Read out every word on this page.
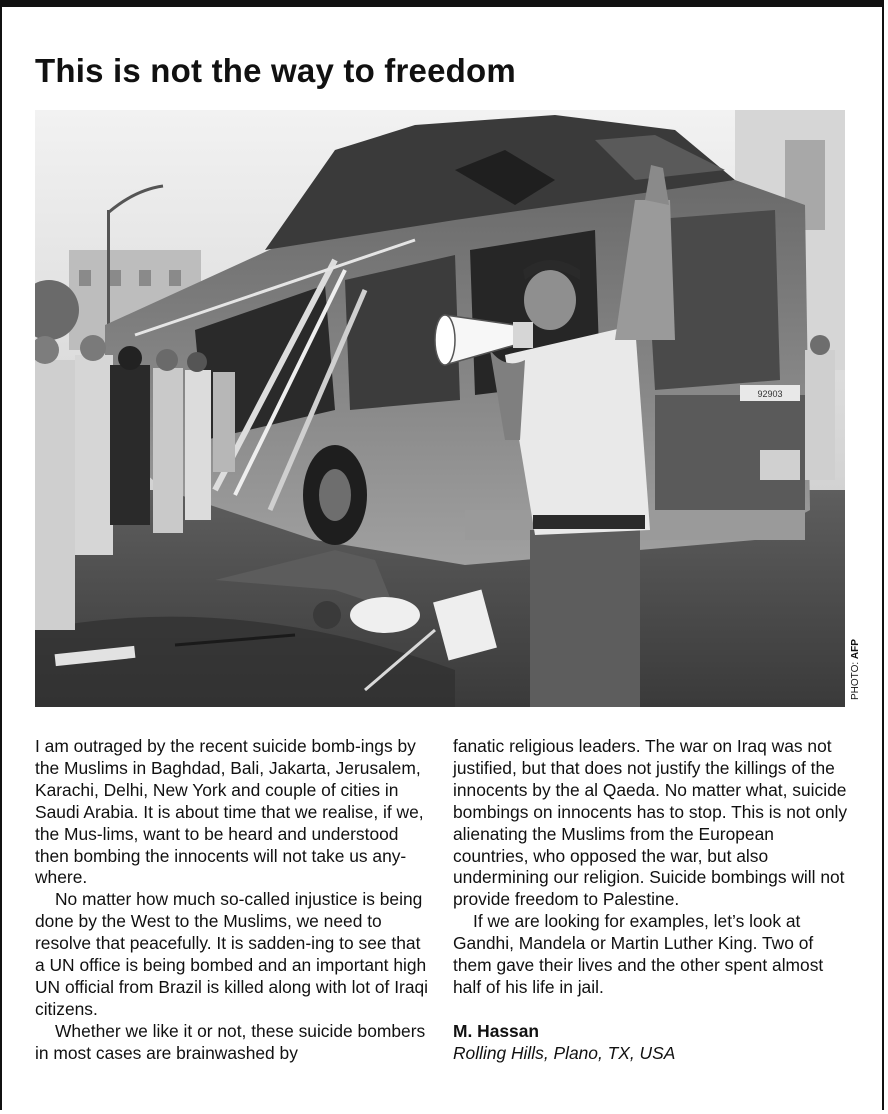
This is not the way to freedom
92903
PHOTO: AFP

I am outraged by the recent suicide bomb-ings by the Muslims in Baghdad, Bali, Jakarta, Jerusalem, Karachi, Delhi, New York and couple of cities in Saudi Arabia. It is about time that we realise, if we, the Mus-lims, want to be heard and understood then bombing the innocents will not take us any-where.

No matter how much so-called injustice is being done by the West to the Muslims, we need to resolve that peacefully. It is sadden-ing to see that a UN office is being bombed and an important high UN official from Brazil is killed along with lot of Iraqi citizens.

Whether we like it or not, these suicide bombers in most cases are brainwashed by

fanatic religious leaders. The war on Iraq was not justified, but that does not justify the killings of the innocents by the al Qaeda. No matter what, suicide bombings on innocents has to stop. This is not only alienating the Muslims from the European countries, who opposed the war, but also undermining our religion. Suicide bombings will not provide freedom to Palestine.

If we are looking for examples, let’s look at Gandhi, Mandela or Martin Luther King. Two of them gave their lives and the other spent almost half of his life in jail.

M. Hassan
Rolling Hills, Plano, TX, USA
